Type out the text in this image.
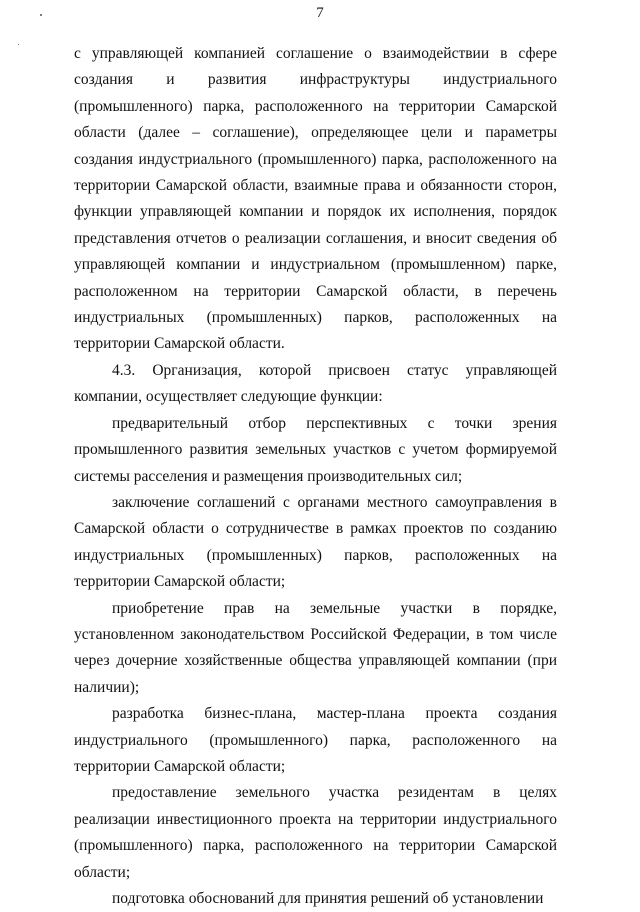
7

с управляющей компанией соглашение о взаимодействии в сфере создания и развития инфраструктуры индустриального (промышленного) парка, расположенного на территории Самарской области (далее – соглашение), определяющее цели и параметры создания индустриального (промышленного) парка, расположенного на территории Самарской области, взаимные права и обязанности сторон, функции управляющей компании и порядок их исполнения, порядок представления отчетов о реализации соглашения, и вносит сведения об управляющей компании и индустриальном (промышленном) парке, расположенном на территории Самарской области, в перечень индустриальных (промышленных) парков, расположенных на территории Самарской области.

4.3. Организация, которой присвоен статус управляющей компании, осуществляет следующие функции:

предварительный отбор перспективных с точки зрения промышленного развития земельных участков с учетом формируемой системы расселения и размещения производительных сил;

заключение соглашений с органами местного самоуправления в Самарской области о сотрудничестве в рамках проектов по созданию индустриальных (промышленных) парков, расположенных на территории Самарской области;

приобретение прав на земельные участки в порядке, установленном законодательством Российской Федерации, в том числе через дочерние хозяйственные общества управляющей компании (при наличии);

разработка бизнес-плана, мастер-плана проекта создания индустриального (промышленного) парка, расположенного на территории Самарской области;

предоставление земельного участка резидентам в целях реализации инвестиционного проекта на территории индустриального (промышленного) парка, расположенного на территории Самарской области;

подготовка обоснований для принятия решений об установлении
